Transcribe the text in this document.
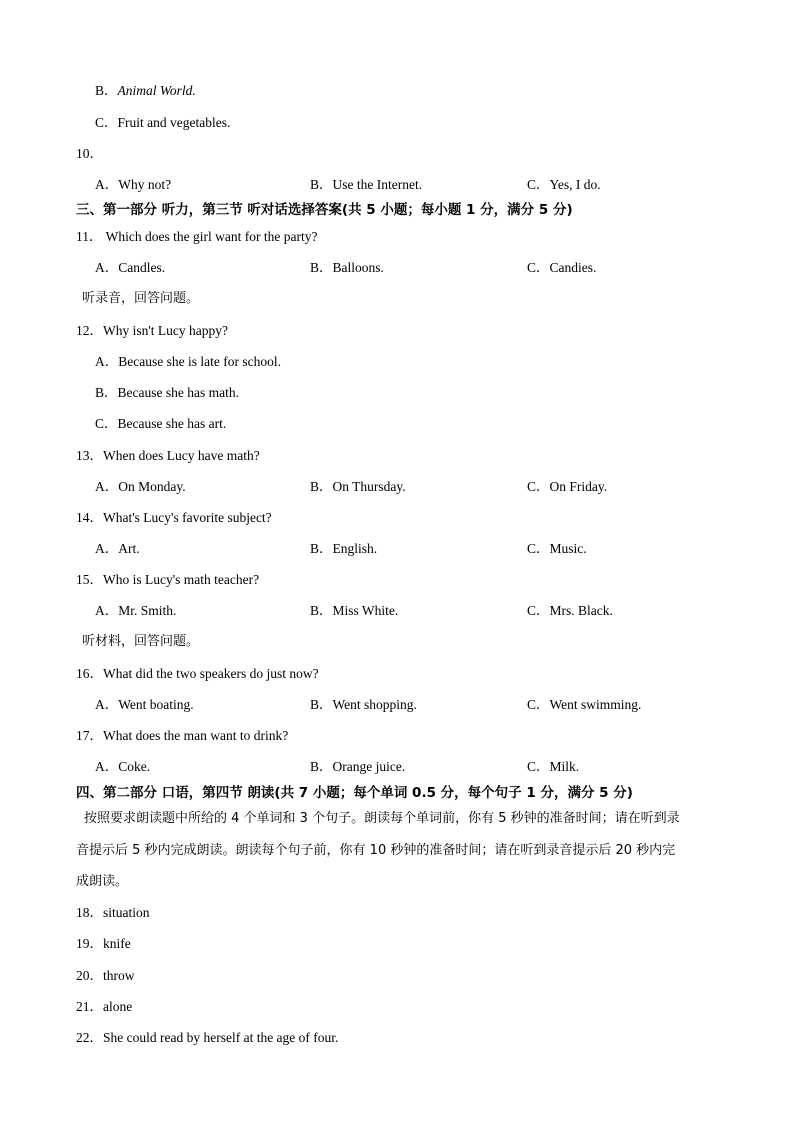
B．Animal World.
C．Fruit and vegetables.
10．
A．Why not?	B．Use the Internet.	C．Yes, I do.
三、第一部分 听力，第三节 听对话选择答案(共 5 小题；每小题 1 分，满分 5 分)
11． Which does the girl want for the party?
A．Candles.	B．Balloons.	C．Candies.
听录音，回答问题。
12．Why isn't Lucy happy?
A．Because she is late for school.
B．Because she has math.
C．Because she has art.
13．When does Lucy have math?
A．On Monday.	B．On Thursday.	C．On Friday.
14．What's Lucy's favorite subject?
A．Art.	B．English.	C．Music.
15．Who is Lucy's math teacher?
A．Mr. Smith.	B．Miss White.	C．Mrs. Black.
听材料，回答问题。
16．What did the two speakers do just now?
A．Went boating.	B．Went shopping.	C．Went swimming.
17．What does the man want to drink?
A．Coke.	B．Orange juice.	C．Milk.
四、第二部分 口语，第四节 朗读(共 7 小题；每个单词 0.5 分，每个句子 1 分，满分 5 分)
按照要求朗读题中所给的 4 个单词和 3 个句子。朗读每个单词前，你有 5 秒钟的准备时间；请在听到录
音提示后 5 秒内完成朗读。朗读每个句子前，你有 10 秒钟的准备时间；请在听到录音提示后 20 秒内完
成朗读。
18．situation
19．knife
20．throw
21．alone
22．She could read by herself at the age of four.
